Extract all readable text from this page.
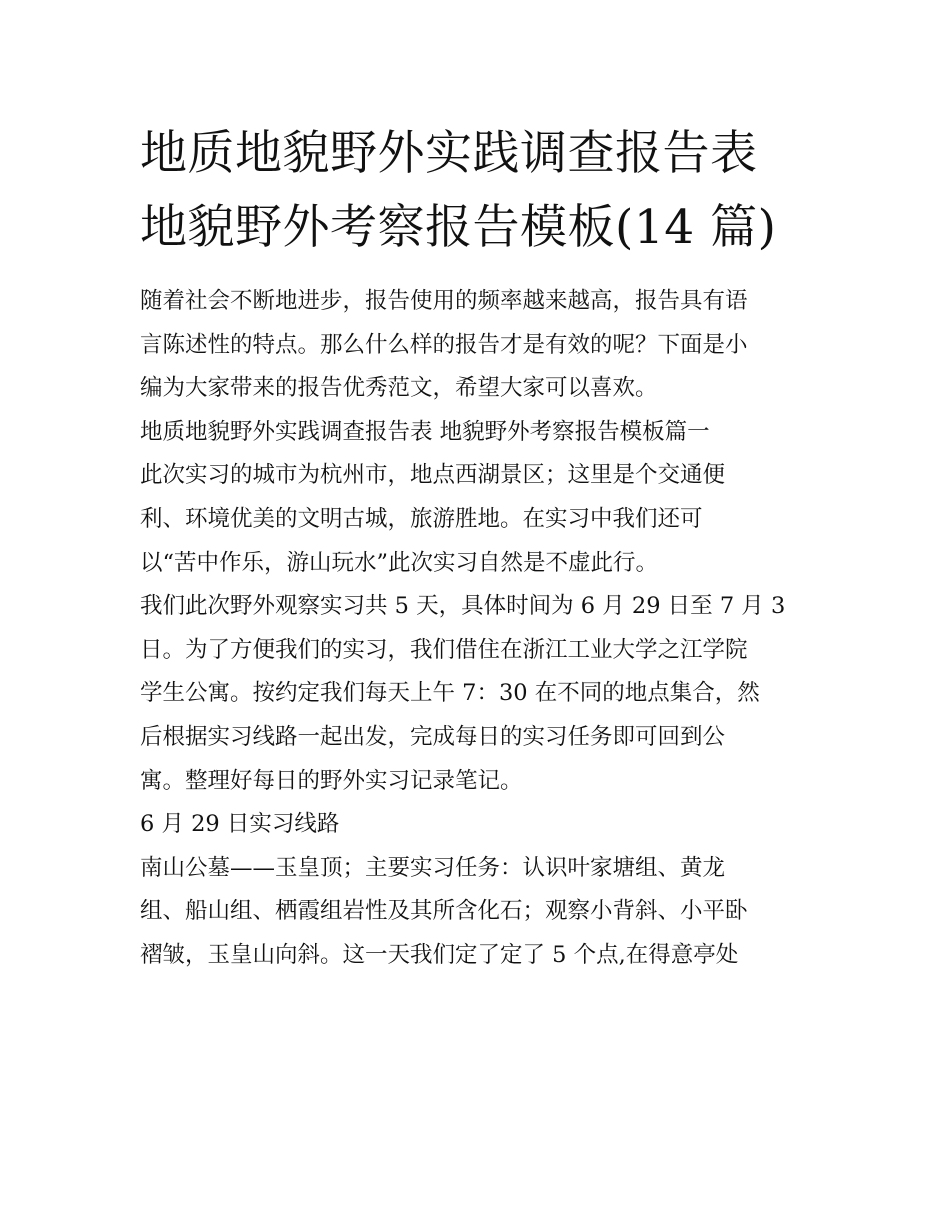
地质地貌野外实践调查报告表
地貌野外考察报告模板(14 篇)
随着社会不断地进步，报告使用的频率越来越高，报告具有语
言陈述性的特点。那么什么样的报告才是有效的呢？下面是小
编为大家带来的报告优秀范文，希望大家可以喜欢。
地质地貌野外实践调查报告表 地貌野外考察报告模板篇一
此次实习的城市为杭州市，地点西湖景区；这里是个交通便
利、环境优美的文明古城，旅游胜地。在实习中我们还可
以“苦中作乐，游山玩水”此次实习自然是不虚此行。
我们此次野外观察实习共 5 天，具体时间为 6 月 29 日至 7 月 3
日。为了方便我们的实习，我们借住在浙江工业大学之江学院
学生公寓。按约定我们每天上午 7：30 在不同的地点集合，然
后根据实习线路一起出发，完成每日的实习任务即可回到公
寓。整理好每日的野外实习记录笔记。
6 月 29 日实习线路
南山公墓——玉皇顶；主要实习任务：认识叶家塘组、黄龙
组、船山组、栖霞组岩性及其所含化石；观察小背斜、小平卧
褶皱，玉皇山向斜。这一天我们定了定了 5 个点,在得意亭处
